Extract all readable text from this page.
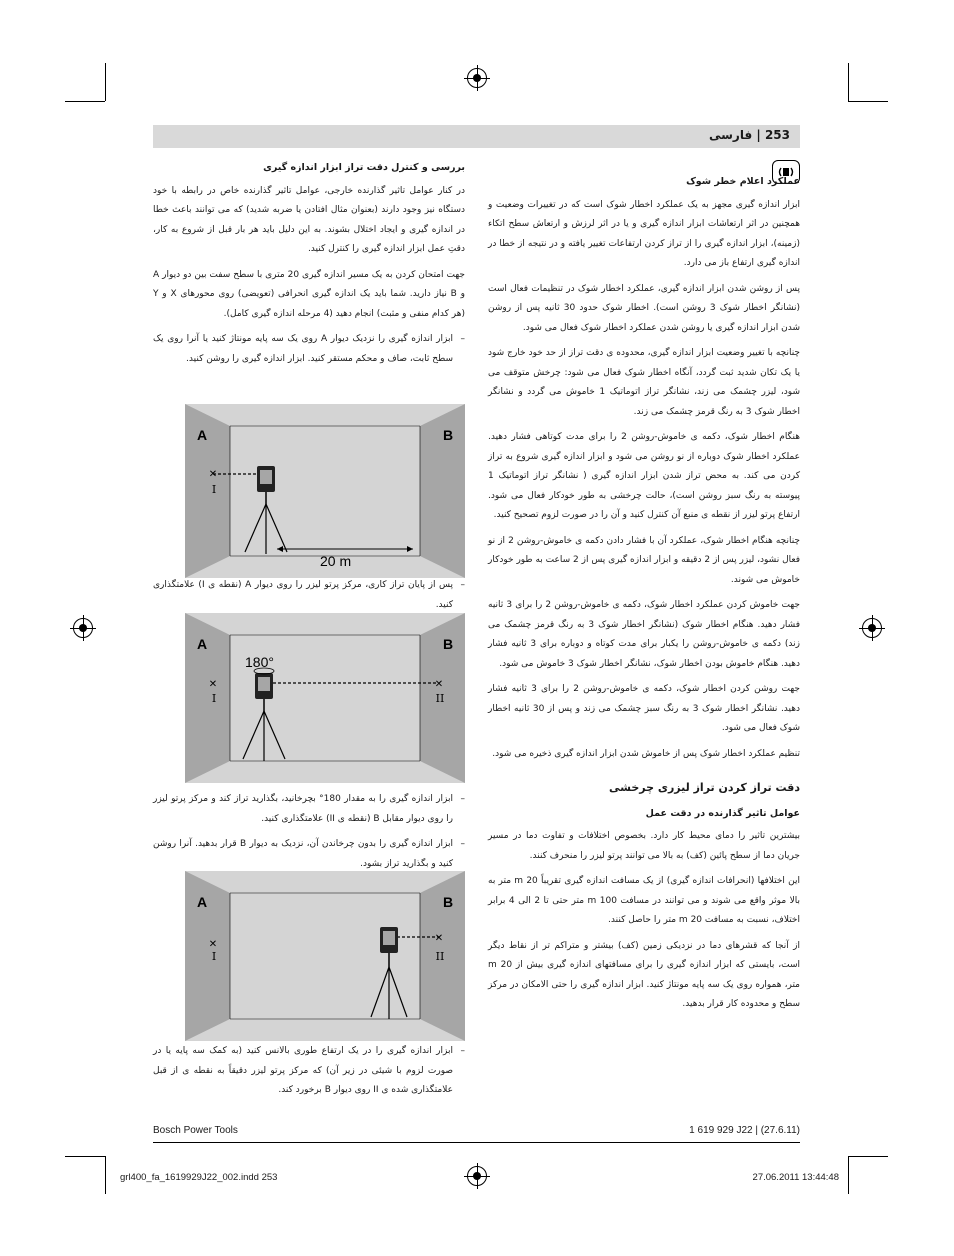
253 | فارسی
عملکرد اعلام خطر شوک

ابزار اندازه گیری مجهز به یک عملکرد اخطار شوک است که در تغییرات وضعیت و همچنین در اثر ارتعاشات ابزار اندازه گیری و یا در اثر لرزش و ارتعاش سطح اتکاء (زمینه)، ابزار اندازه گیری را از تراز کردن ارتفاعات تغییر یافته و در نتیجه از خطا در اندازه گیری ارتفاع باز می دارد.

پس از روشن شدن ابزار اندازه گیری، عملکرد اخطار شوک در تنظیمات فعال است (نشانگر اخطار شوک 3 روشن است). اخطار شوک حدود 30 ثانیه پس از روشن شدن ابزار اندازه گیری یا روشن شدن عملکرد اخطار شوک فعال می شود.

چنانچه با تغییر وضعیت ابزار اندازه گیری، محدوده ی دقت تراز از حد خود خارج شود یا یک تکان شدید ثبت گردد، آنگاه اخطار شوک فعال می شود: چرخش متوقف می شود، لیزر چشمک می زند، نشانگر تراز اتوماتیک 1 خاموش می گردد و نشانگر اخطار شوک 3 به رنگ قرمز چشمک می زند.

هنگام اخطار شوک، دکمه ی خاموش-روشن 2 را برای مدت کوتاهی فشار دهید. عملکرد اخطار شوک دوباره از نو روشن می شود و ابزار اندازه گیری شروع به تراز کردن می کند. به محض تراز شدن ابزار اندازه گیری ( نشانگر تراز اتوماتیک 1 پیوسته به رنگ سبز روشن است)، حالت چرخشی به طور خودکار فعال می شود. ارتفاع پرتو لیزر از نقطه ی منبع آن کنترل کنید و آن را در صورت لزوم تصحیح کنید.

چنانچه هنگام اخطار شوک، عملکرد آن با فشار دادن دکمه ی خاموش-روشن 2 از نو فعال نشود، لیزر پس از 2 دقیقه و ابزار اندازه گیری پس از 2 ساعت به طور خودکار خاموش می شوند.

جهت خاموش کردن عملکرد اخطار شوک، دکمه ی خاموش-روشن 2 را برای 3 ثانیه فشار دهید. هنگام اخطار شوک (نشانگر اخطار شوک 3 به رنگ قرمز چشمک می زند) دکمه ی خاموش-روشن را یکبار برای مدت کوتاه و دوباره برای 3 ثانیه فشار دهید. هنگام خاموش بودن اخطار شوک، نشانگر اخطار شوک 3 خاموش می شود.

جهت روشن کردن اخطار شوک، دکمه ی خاموش-روشن 2 را برای 3 ثانیه فشار دهید. نشانگر اخطار شوک 3 به رنگ سبز چشمک می زند و پس از 30 ثانیه اخطار شوک فعال می شود.

تنظیم عملکرد اخطار شوک پس از خاموش شدن ابزار اندازه گیری ذخیره می شود.

دقت تراز کردن تراز لیزری چرخشی
عوامل تاثیر گذارنده در دقت عمل

بیشترین تاثیر را دمای محیط کار دارد. بخصوص اختلافات و تفاوت دما در مسیر جریان دما از سطح پائین (کف) به بالا می توانند پرتو لیزر را منحرف کنند.

این اختلافها (انحرافات اندازه گیری) از یک مسافت اندازه گیری تقریباً 20 m متر به بالا موثر واقع می شوند و می توانند در مسافت 100 m متر حتی تا 2 الی 4 برابر اختلاف، نسبت به مسافت 20 m متر را حاصل کنند.

از آنجا که قشرهای دما در نزدیکی زمین (کف) بیشتر و متراکم تر از نقاط دیگر است، بایستی که ابزار اندازه گیری را برای مسافتهای اندازه گیری بیش از 20 m متر، همواره روی یک سه پایه مونتاژ کنید. ابزار اندازه گیری را حتی الامکان در مرکز سطح و محدوده کار قرار بدهید.

بررسی و کنترل دقت تراز ابزار اندازه گیری

در کنار عوامل تاثیر گذارنده خارجی، عوامل تاثیر گذارنده خاص در رابطه با خود دستگاه نیز وجود دارند (بعنوان مثال افتادن یا ضربه شدید) که می توانند باعث خطا در اندازه گیری و ایجاد اختلال بشوند. به این دلیل باید هر بار قبل از شروع به کار، دقتِ عمل ابزار اندازه گیری را کنترل کنید.

جهت امتحان کردن به یک مسیر اندازه گیری 20 متری با سطح سفت بین دو دیوار A و B نیاز دارید. شما باید یک اندازه گیری انحرافی (تعویضی) روی محورهای X و Y (هر کدام منفی و مثبت) انجام دهید (4 مرحله اندازه گیری کامل).

– ابزار اندازه گیری را نزدیک دیوار A روی یک سه پایه مونتاژ کنید یا آنرا روی یک سطح ثابت، صاف و محکم مستقر کنید. ابزار اندازه گیری را روشن کنید.
✕
I
20 m
A	B
– پس از پایان تراز کاری، مرکز پرتو لیزر را روی دیوار A (نقطه ی I) علامتگذاری کنید.
✕
I
✕
II
180°
A	B
– ابزار اندازه گیری را به مقدار 180° بچرخانید، بگذارید تراز کند و مرکز پرتو لیزر را روی دیوار مقابل B (نقطه ی II) علامتگذاری کنید.
– ابزار اندازه گیری را بدون چرخاندن آن، نزدیک به دیوار B قرار بدهید. آنرا روشن کنید و بگذارید تراز بشود.
✕
I
✕
II
A	B
– ابزار اندازه گیری را در یک ارتفاع طوری بالانس کنید (به کمک سه پایه یا در صورت لزوم با شیئی در زیر آن) که مرکز پرتو لیزر دقیقاً به نقطه ی از قبل علامتگذاری شده ی II روی دیوار B برخورد کند.
Bosch Power Tools	1 619 929 J22 | (27.6.11)
grl400_fa_1619929J22_002.indd 253	27.06.2011 13:44:48
